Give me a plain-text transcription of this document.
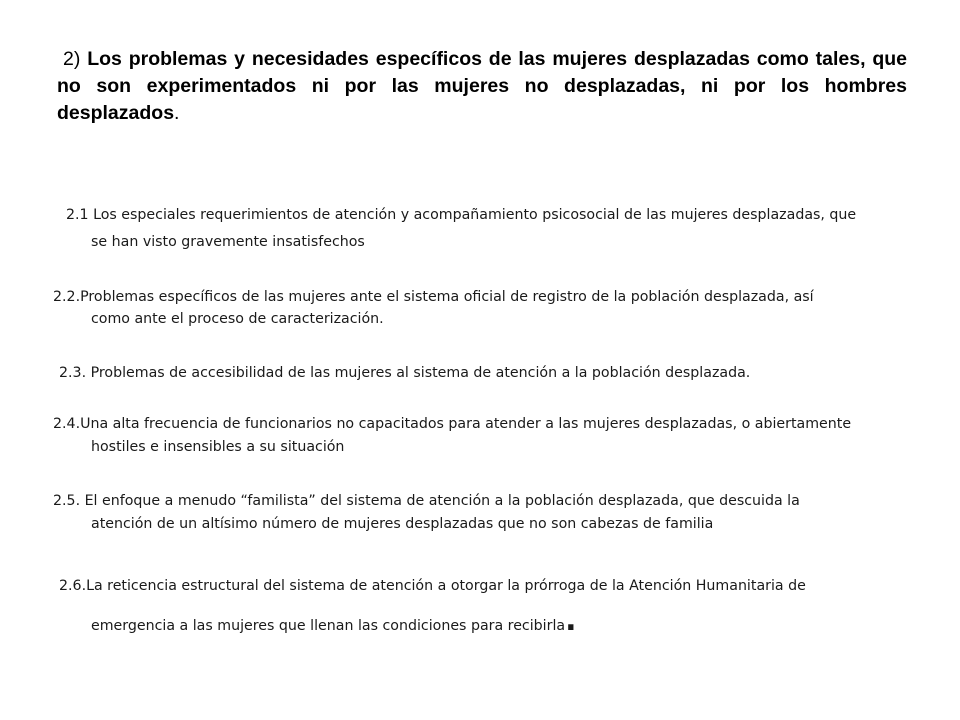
2) Los problemas y necesidades específicos de las mujeres desplazadas como tales, que no son experimentados ni por las mujeres no desplazadas, ni por los hombres desplazados.

2.1 Los especiales requerimientos de atención y acompañamiento psicosocial de las mujeres desplazadas, que
se han visto gravemente insatisfechos

2.2.Problemas específicos de las mujeres ante el sistema oficial de registro de la población desplazada, así
como ante el proceso de caracterización.

2.3. Problemas de accesibilidad de las mujeres al sistema de atención a la población desplazada.

2.4.Una alta frecuencia de funcionarios no capacitados para atender a las mujeres desplazadas, o abiertamente
hostiles e insensibles a su situación

2.5. El enfoque a menudo “familista” del sistema de atención a la población desplazada, que descuida la
atención de un altísimo número de mujeres desplazadas que no son cabezas de familia

2.6.La reticencia estructural del sistema de atención a otorgar la prórroga de la Atención Humanitaria de
emergencia a las mujeres que llenan las condiciones para recibirla.
